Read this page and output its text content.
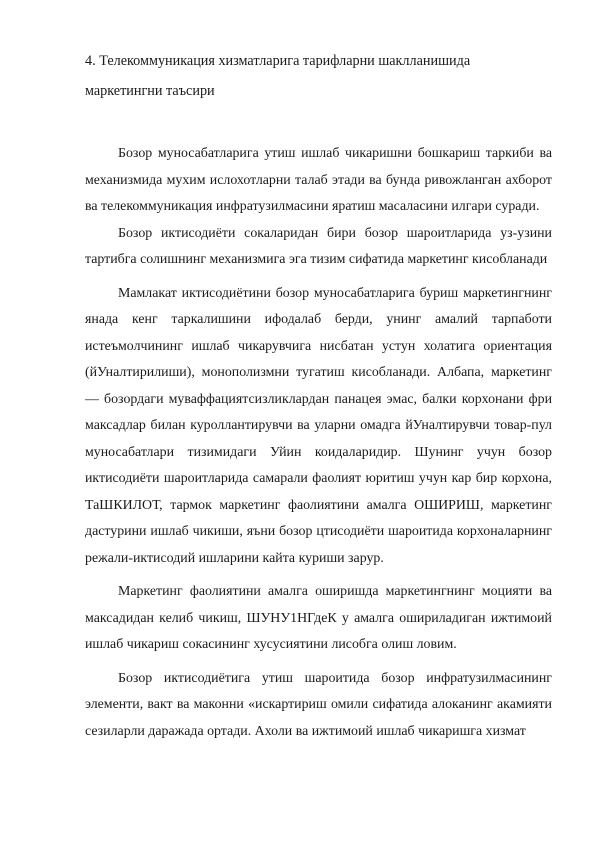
4. Телекоммуникация хизматларига тарифларни шаклланишида
маркетингни таъсири

Бозор муносабатларига утиш ишлаб чикаришни бошкариш таркиби ва механизмида мухим ислохотларни талаб этади ва бунда ривожланган ахборот ва телекоммуникация инфратузилмасини яратиш масаласини илгари суради.

Бозор иктисодиёти сокаларидан бири бозор шароитларида уз-узини тартибга солишнинг механизмига эга тизим сифатида маркетинг кисобланади

Мамлакат иктисодиётини бозор муносабатларига буриш маркетингнинг янада кенг таркалишини ифодалаб берди, унинг амалий тарпаботи истеъмолчининг ишлаб чикарувчига нисбатан устун холатига ориентация (йУналтирилиши), монополизмни тугатиш кисобланади. Албапа, маркетинг — бозордаги муваффациятсизликлардан панацея эмас, балки корхонани фри максадлар билан куроллантирувчи ва уларни омадга йУналтирувчи товар-пул муносабатлари тизимидаги Уйин коидаларидир. Шунинг учун бозор иктисодиёти шароитларида самарали фаолият юритиш учун кар бир корхона, ТаШКИЛОТ, тармок маркетинг фаолиятини амалга ОШИРИШ, маркетинг дастурини ишлаб чикиши, яъни бозор цтисодиёти шароитида корхоналарнинг режали-иктисодий ишларини кайта куриши зарур.

Маркетинг фаолиятини амалга оширишда маркетингнинг моцияти ва максадидан келиб чикиш, ШУНУ1НГдеК у амалга ошириладиган ижтимоий ишлаб чикариш сокасининг хусусиятини лисобга олиш ловим.

Бозор иктисодиётига утиш шароитида бозор инфратузилмасининг элементи, вакт ва маконни «искартириш омили сифатида алоканинг акамияти сезиларли даражада ортади. Ахоли ва ижтимоий ишлаб чикаришга хизмат
